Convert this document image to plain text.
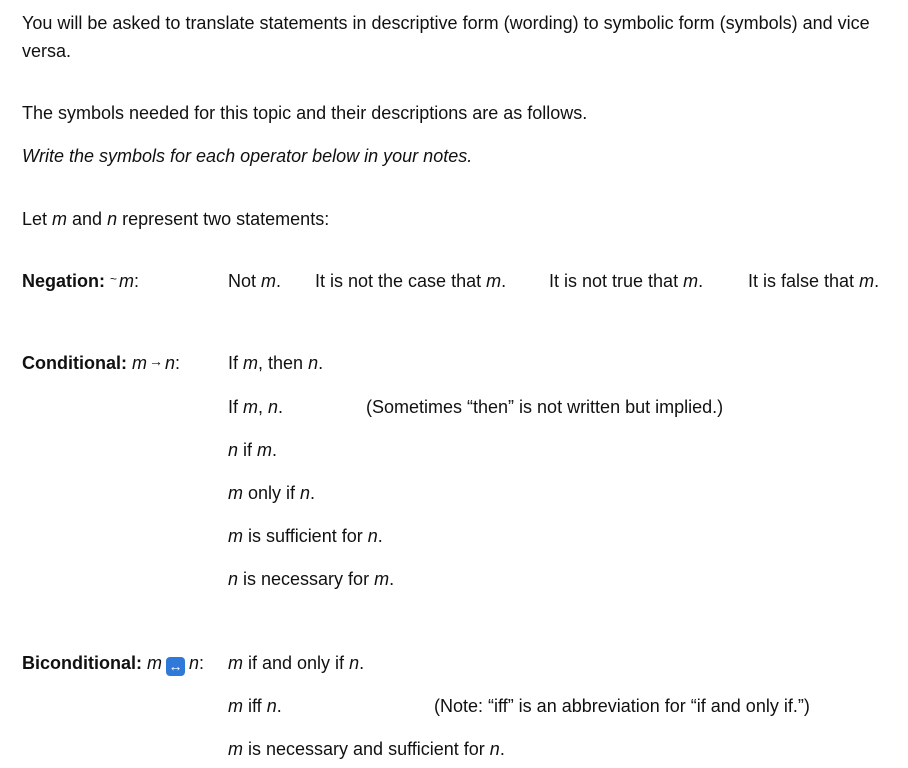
You will be asked to translate statements in descriptive form (wording) to symbolic form (symbols) and vice versa.
The symbols needed for this topic and their descriptions are as follows.
Write the symbols for each operator below in your notes.
Let m and n represent two statements:
Negation: ~ m:	Not m. It is not the case that m. It is not true that m. It is false that m.
Conditional: m → n:	If m, then n.
If m, n.	(Sometimes “then” is not written but implied.)
n if m.
m only if n.
m is sufficient for n.
n is necessary for m.
Biconditional: m ↔ n: m if and only if n.
m iff n.	(Note: “iff” is an abbreviation for “if and only if.”)
m is necessary and sufficient for n.
